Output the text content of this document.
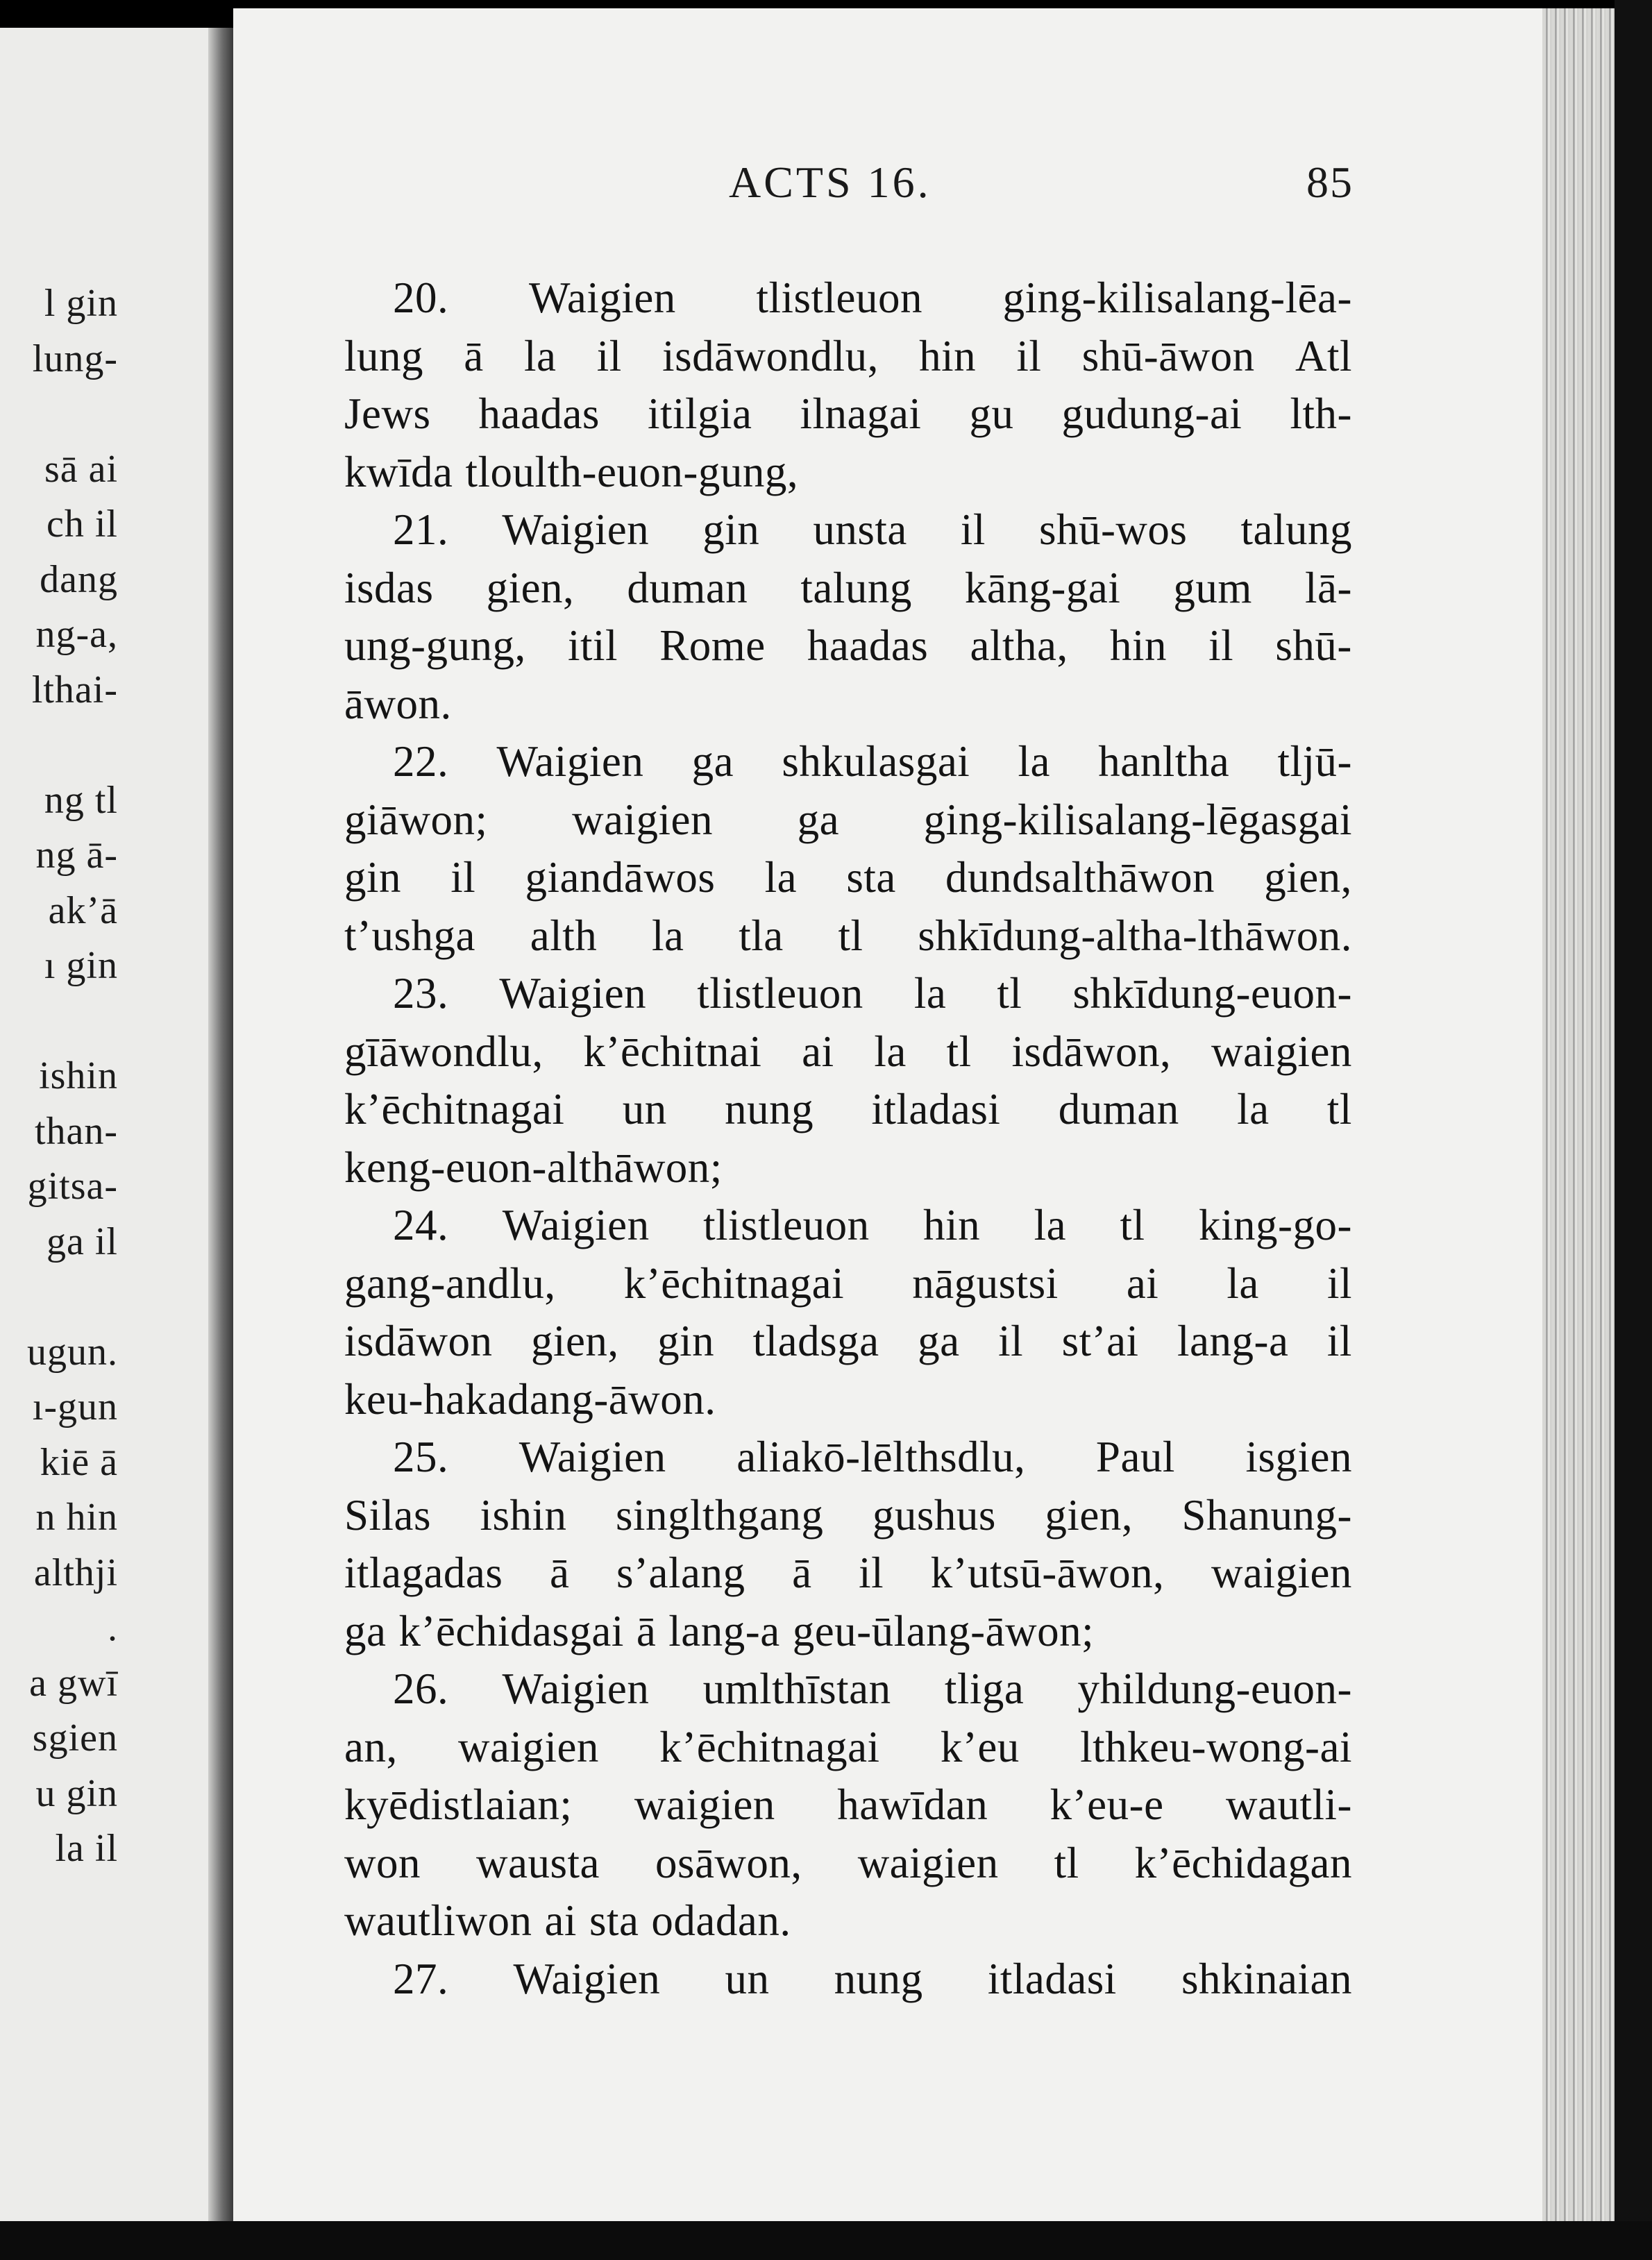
l gin
lung-
sā ai
ch il
dang
ng-a,
lthai-
ng tl
ng ā-
ak’ā
ı gin
ishin
than-
gitsa-
ga il
ugun.
ı-gun
kiē ā
n hin
althji
.
a gwī
sgien
u gin
la il
ACTS 16.	85
20. Waigien tlistleuon ging-kilisalang-lēa-
lung ā la il isdāwondlu, hin il shū-āwon Atl
Jews haadas itilgia ilnagai gu gudung-ai lth-
kwīda tloulth-euon-gung,
21. Waigien gin unsta il shū-wos talung
isdas gien, duman talung kāng-gai gum lā-
ung-gung, itil Rome haadas altha, hin il shū-
āwon.
22. Waigien ga shkulasgai la hanltha tljū-
giāwon; waigien ga ging-kilisalang-lēgasgai
gin il giandāwos la sta dundsalthāwon gien,
t’ushga alth la tla tl shkīdung-altha-lthāwon.
23. Waigien tlistleuon la tl shkīdung-euon-
gīāwondlu, k’ēchitnai ai la tl isdāwon, waigien
k’ēchitnagai un nung itladasi duman la tl
keng-euon-althāwon;
24. Waigien tlistleuon hin la tl king-go-
gang-andlu, k’ēchitnagai nāgustsi ai la il
isdāwon gien, gin tladsga ga il st’ai lang-a il
keu-hakadang-āwon.
25. Waigien aliakō-lēlthsdlu, Paul isgien
Silas ishin singlthgang gushus gien, Shanung-
itlagadas ā s’alang ā il k’utsū-āwon, waigien
ga k’ēchidasgai ā lang-a geu-ūlang-āwon;
26. Waigien umlthīstan tliga yhildung-euon-
an, waigien k’ēchitnagai k’eu lthkeu-wong-ai
kyēdistlaian; waigien hawīdan k’eu-e wautli-
won wausta osāwon, waigien tl k’ēchidagan
wautliwon ai sta odadan.
27. Waigien un nung itladasi shkinaian
